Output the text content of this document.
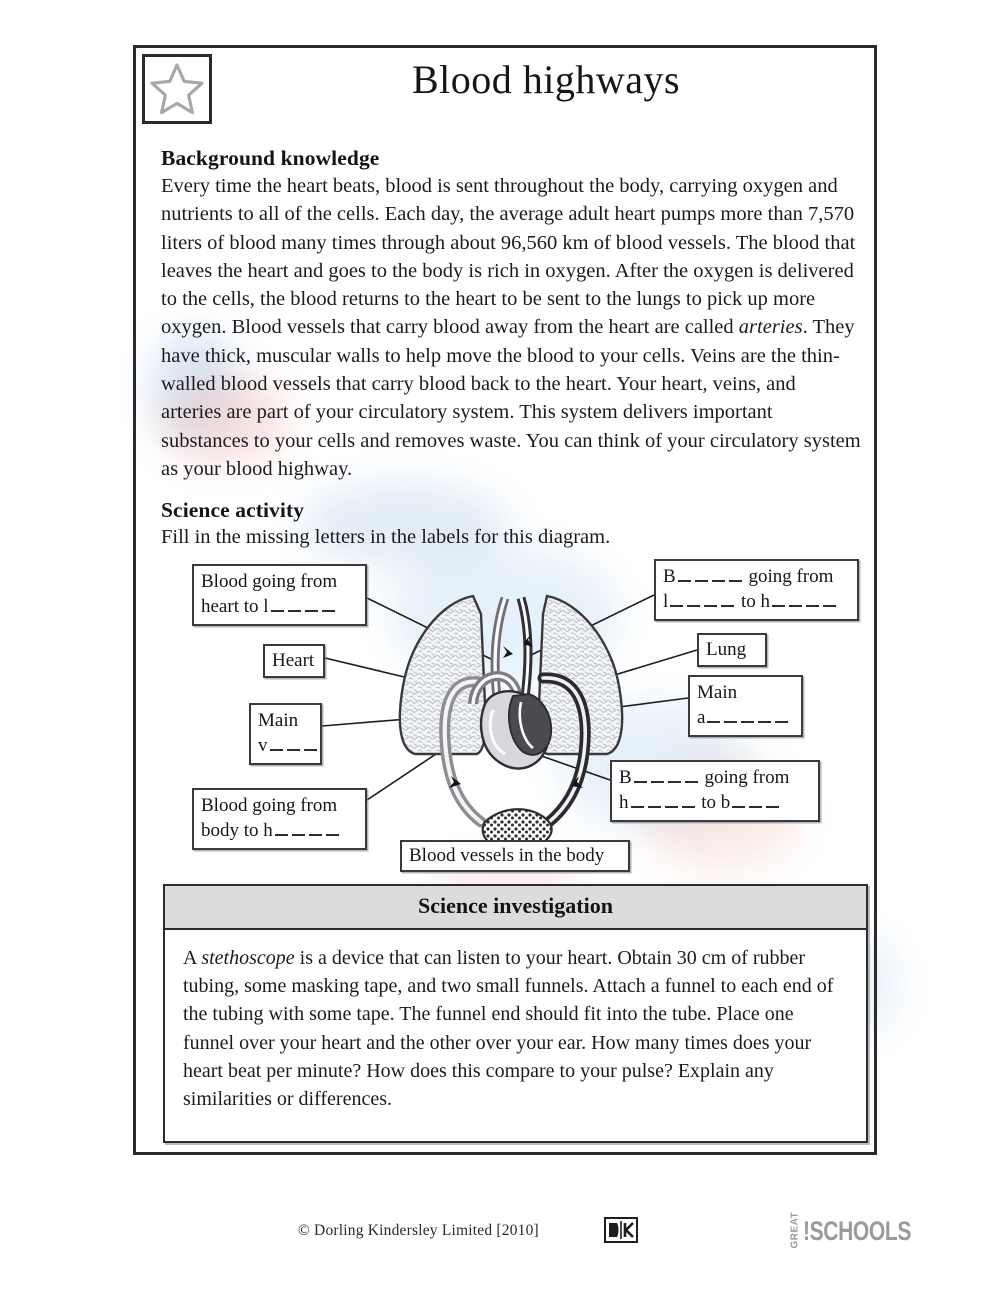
Blood highways
Background knowledge

Every time the heart beats, blood is sent throughout the body, carrying oxygen and nutrients to all of the cells. Each day, the average adult heart pumps more than 7,570 liters of blood many times through about 96,560 km of blood vessels. The blood that leaves the heart and goes to the body is rich in oxygen. After the oxygen is delivered to the cells, the blood returns to the heart to be sent to the lungs to pick up more oxygen. Blood vessels that carry blood away from the heart are called arteries. They have thick, muscular walls to help move the blood to your cells. Veins are the thin-walled blood vessels that carry blood back to the heart. Your heart, veins, and arteries are part of your circulatory system. This system delivers important substances to your cells and removes waste. You can think of your circulatory system as your blood highway.

Science activity

Fill in the missing letters in the labels for this diagram.

Blood going from
heart to l
B	going from
l	to h
Heart
Lung
Main
a
Main
v
B	going from
h	to b
Blood going from
body to h
Blood vessels in the body
Science investigation
A stethoscope is a device that can listen to your heart. Obtain 30 cm of rubber tubing, some masking tape, and two small funnels. Attach a funnel to each end of the tubing with some tape. The funnel end should fit into the tube. Place one funnel over your heart and the other over your ear. How many times does your heart beat per minute? How does this compare to your pulse? Explain any similarities or differences.
© Dorling Kindersley Limited [2010]	GREAT !SCHOOLS
